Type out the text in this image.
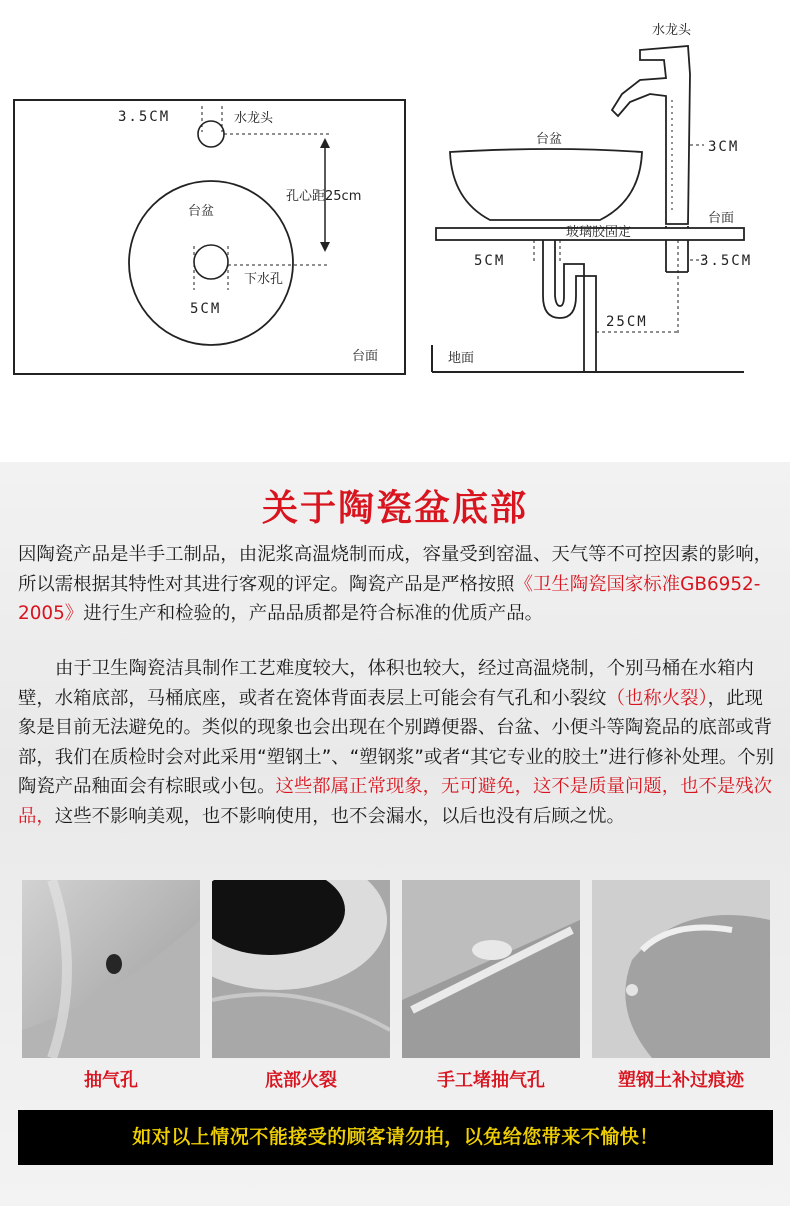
3.5CM	水龙头
孔心距25cm
台盆
下水孔
5CM
台面
水龙头
3CM
台盆
台面
玻璃胶固定
5CM	3.5CM
25CM
地面
关于陶瓷盆底部

因陶瓷产品是半手工制品，由泥浆高温烧制而成，容量受到窑温、天气等不可控因素的影响，所以需根据其特性对其进行客观的评定。陶瓷产品是严格按照《卫生陶瓷国家标准GB6952-2005》进行生产和检验的，产品品质都是符合标准的优质产品。

由于卫生陶瓷洁具制作工艺难度较大，体积也较大，经过高温烧制，个别马桶在水箱内壁，水箱底部，马桶底座，或者在瓷体背面表层上可能会有气孔和小裂纹（也称火裂），此现象是目前无法避免的。类似的现象也会出现在个别蹲便器、台盆、小便斗等陶瓷品的底部或背部，我们在质检时会对此采用“塑钢土”、“塑钢浆”或者“其它专业的胶土”进行修补处理。个别陶瓷产品釉面会有棕眼或小包。这些都属正常现象，无可避免，这不是质量问题，也不是残次品，这些不影响美观，也不影响使用，也不会漏水，以后也没有后顾之忧。

抽气孔	底部火裂	手工堵抽气孔	塑钢土补过痕迹
如对以上情况不能接受的顾客请勿拍，以免给您带来不愉快！
